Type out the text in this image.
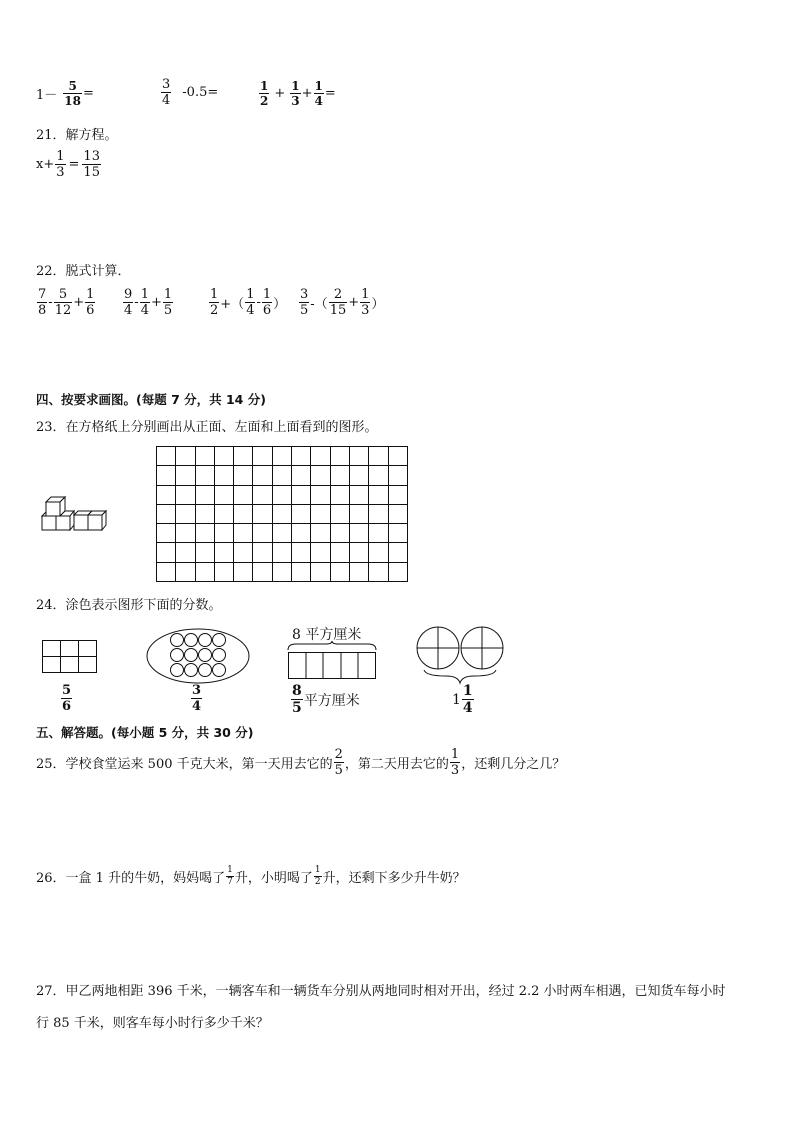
$1- \frac{5}{18}$ =	$\frac{3}{4} -0.5=$	$\frac{1}{2} + \frac{1}{3} + \frac{1}{4}$ =
21．解方程。
$x+ \frac{1}{3} = \frac{13}{15}$
22．脱式计算．
$\frac{7}{8} - \frac{5}{12} + \frac{1}{6} \frac{9}{4} - \frac{1}{4} + \frac{1}{5}$	$\frac{1}{2}$ +（ $\frac{1}{4} - \frac{1}{6}$ ） $\frac{3}{5}$ -（ $\frac{2}{15} + \frac{1}{3}$ ）
四、按要求画图。(每题 7 分，共 14 分)
23．在方格纸上分别画出从正面、左面和上面看到的图形。

24．涂色表示图形下面的分数。
$\frac{5}{6}$	$\frac{3}{4}$
8 平方厘米
$\frac{8}{5}$ 平方厘米	$1 \frac{1}{4}$
五、解答题。(每小题 5 分，共 30 分)
25．学校食堂运来 500 千克大米，第一天用去它的 $\frac{2}{5}$ ，第二天用去它的 $\frac{1}{3}$ ，还剩几分之几？
26．一盒 1 升的牛奶，妈妈喝了 $\frac{1}{7}$ 升，小明喝了 $\frac{1}{2}$ 升，还剩下多少升牛奶？
27．甲乙两地相距 396 千米，一辆客车和一辆货车分别从两地同时相对开出，经过 2.2 小时两车相遇，已知货车每小时
行 85 千米，则客车每小时行多少千米？
